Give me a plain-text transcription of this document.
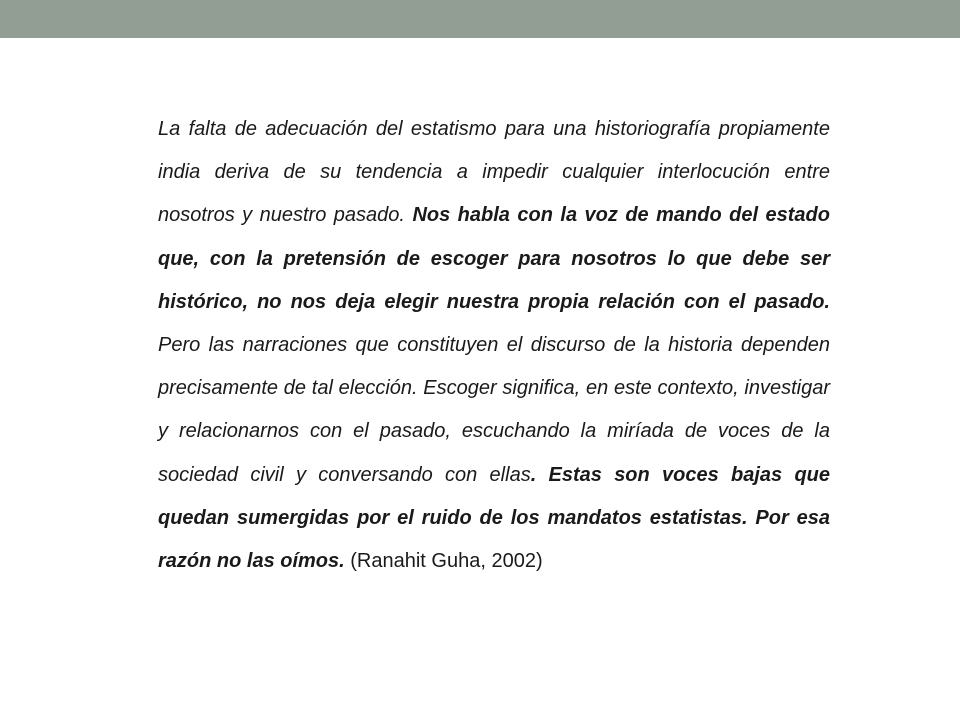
La falta de adecuación del estatismo para una historiografía propiamente india deriva de su tendencia a impedir cualquier interlocución entre nosotros y nuestro pasado. Nos habla con la voz de mando del estado que, con la pretensión de escoger para nosotros lo que debe ser histórico, no nos deja elegir nuestra propia relación con el pasado. Pero las narraciones que constituyen el discurso de la historia dependen precisamente de tal elección. Escoger significa, en este contexto, investigar y relacionarnos con el pasado, escuchando la miríada de voces de la sociedad civil y conversando con ellas. Estas son voces bajas que quedan sumergidas por el ruido de los mandatos estatistas. Por esa razón no las oímos. (Ranahit Guha, 2002)
